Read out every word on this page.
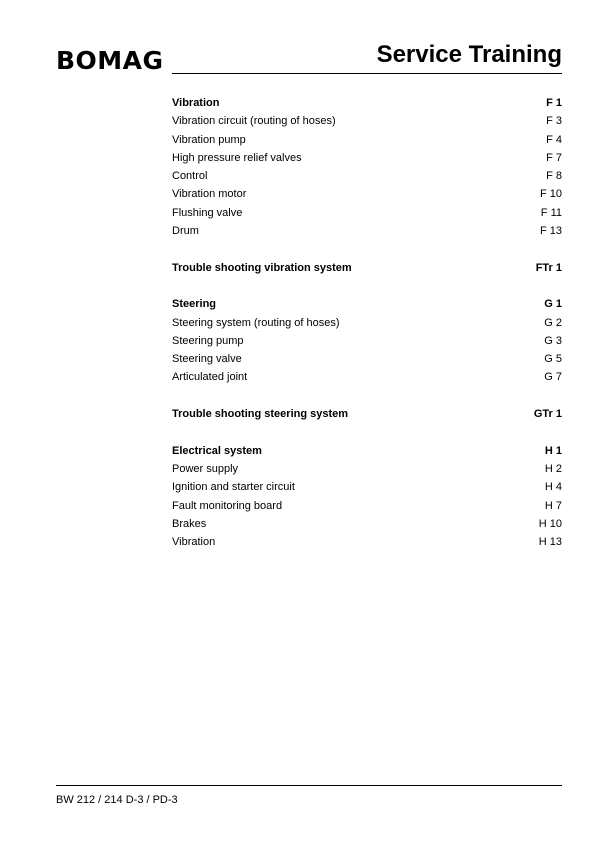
BOMAG	Service Training
Vibration	F 1
Vibration circuit (routing of hoses)	F 3
Vibration pump	F 4
High pressure relief valves	F 7
Control	F 8
Vibration motor	F 10
Flushing valve	F 11
Drum	F 13
Trouble shooting vibration system	FTr 1
Steering	G 1
Steering system (routing of hoses)	G 2
Steering pump	G 3
Steering valve	G 5
Articulated joint	G 7
Trouble shooting steering system	GTr 1
Electrical system	H 1
Power supply	H 2
Ignition and starter circuit	H 4
Fault monitoring board	H 7
Brakes	H 10
Vibration	H 13
BW 212 / 214 D-3 / PD-3
